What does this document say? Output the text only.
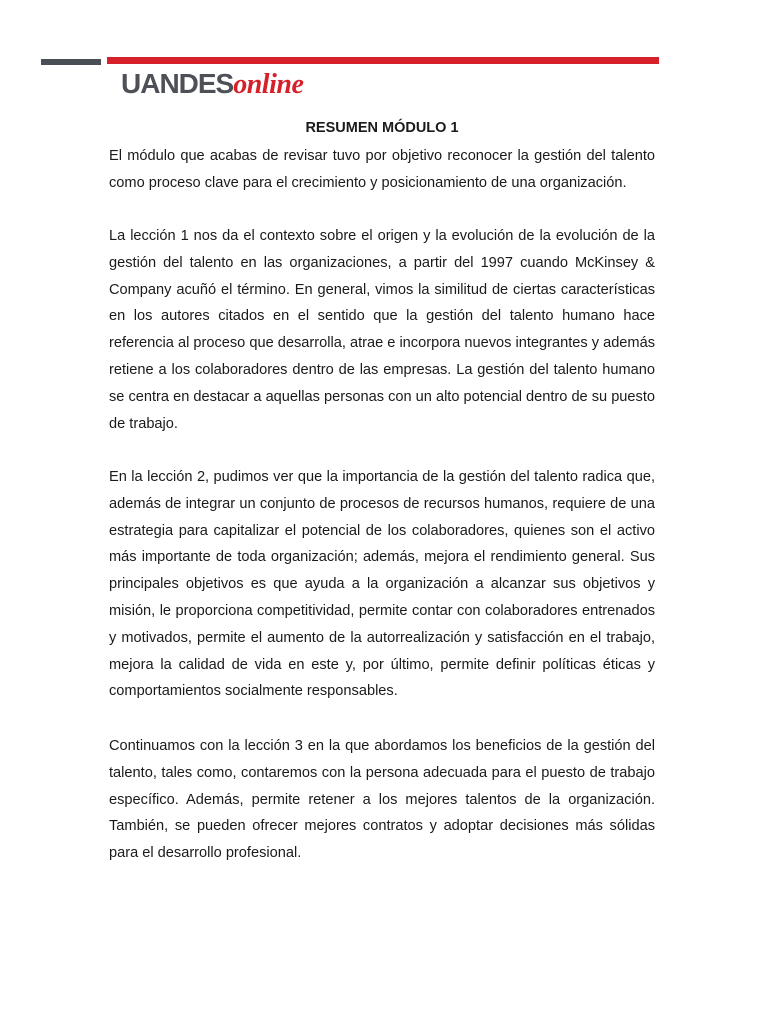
UANDESonline
RESUMEN MÓDULO 1

El módulo que acabas de revisar tuvo por objetivo reconocer la gestión del talento como proceso clave para el crecimiento y posicionamiento de una organización.

La lección 1 nos da el contexto sobre el origen y la evolución de la evolución de la gestión del talento en las organizaciones, a partir del 1997 cuando McKinsey & Company acuñó el término. En general, vimos la similitud de ciertas características en los autores citados en el sentido que la gestión del talento humano hace referencia al proceso que desarrolla, atrae e incorpora nuevos integrantes y además retiene a los colaboradores dentro de las empresas. La gestión del talento humano se centra en destacar a aquellas personas con un alto potencial dentro de su puesto de trabajo.

En la lección 2, pudimos ver que la importancia de la gestión del talento radica que, además de integrar un conjunto de procesos de recursos humanos, requiere de una estrategia para capitalizar el potencial de los colaboradores, quienes son el activo más importante de toda organización; además, mejora el rendimiento general. Sus principales objetivos es que ayuda a la organización a alcanzar sus objetivos y misión, le proporciona competitividad, permite contar con colaboradores entrenados y motivados, permite el aumento de la autorrealización y satisfacción en el trabajo, mejora la calidad de vida en este y, por último, permite definir políticas éticas y comportamientos socialmente responsables.

Continuamos con la lección 3 en la que abordamos los beneficios de la gestión del talento, tales como, contaremos con la persona adecuada para el puesto de trabajo específico. Además, permite retener a los mejores talentos de la organización. También, se pueden ofrecer mejores contratos y adoptar decisiones más sólidas para el desarrollo profesional.
